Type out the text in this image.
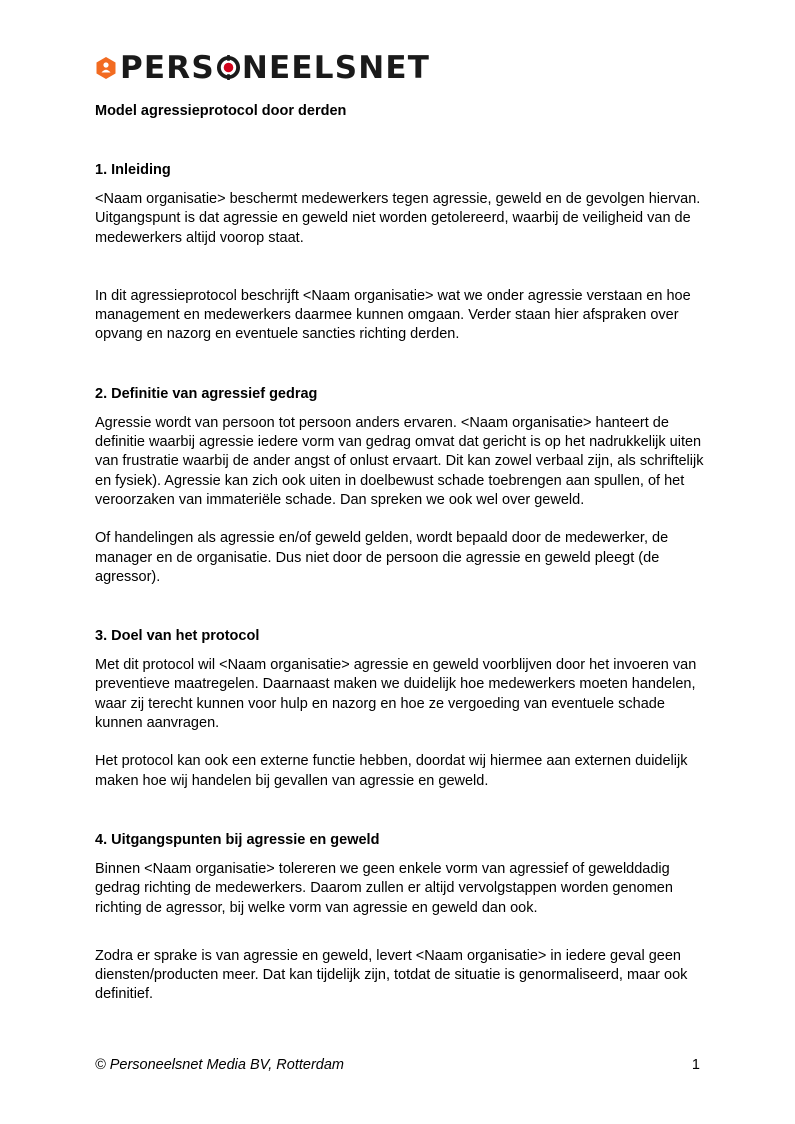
PERS NEELSNET
Model agressieprotocol door derden
1. Inleiding

<Naam organisatie> beschermt medewerkers tegen agressie, geweld en de gevolgen hiervan. Uitgangspunt is dat agressie en geweld niet worden getolereerd, waarbij de veiligheid van de medewerkers altijd voorop staat.

In dit agressieprotocol beschrijft <Naam organisatie> wat we onder agressie verstaan en hoe management en medewerkers daarmee kunnen omgaan. Verder staan hier afspraken over opvang en nazorg en eventuele sancties richting derden.

2. Definitie van agressief gedrag

Agressie wordt van persoon tot persoon anders ervaren. <Naam organisatie> hanteert de definitie waarbij agressie iedere vorm van gedrag omvat dat gericht is op het nadrukkelijk uiten van frustratie waarbij de ander angst of onlust ervaart. Dit kan zowel verbaal zijn, als schriftelijk en fysiek). Agressie kan zich ook uiten in doelbewust schade toebrengen aan spullen, of het veroorzaken van immateriële schade. Dan spreken we ook wel over geweld.

Of handelingen als agressie en/of geweld gelden, wordt bepaald door de medewerker, de manager en de organisatie. Dus niet door de persoon die agressie en geweld pleegt (de agressor).

3. Doel van het protocol

Met dit protocol wil <Naam organisatie> agressie en geweld voorblijven door het invoeren van preventieve maatregelen. Daarnaast maken we duidelijk hoe medewerkers moeten handelen, waar zij terecht kunnen voor hulp en nazorg en hoe ze vergoeding van eventuele schade kunnen aanvragen.

Het protocol kan ook een externe functie hebben, doordat wij hiermee aan externen duidelijk maken hoe wij handelen bij gevallen van agressie en geweld.

4. Uitgangspunten bij agressie en geweld

Binnen <Naam organisatie> tolereren we geen enkele vorm van agressief of gewelddadig gedrag richting de medewerkers. Daarom zullen er altijd vervolgstappen worden genomen richting de agressor, bij welke vorm van agressie en geweld dan ook.

Zodra er sprake is van agressie en geweld, levert <Naam organisatie> in iedere geval geen diensten/producten meer. Dat kan tijdelijk zijn, totdat de situatie is genormaliseerd, maar ook definitief.

© Personeelsnet Media BV, Rotterdam	1
